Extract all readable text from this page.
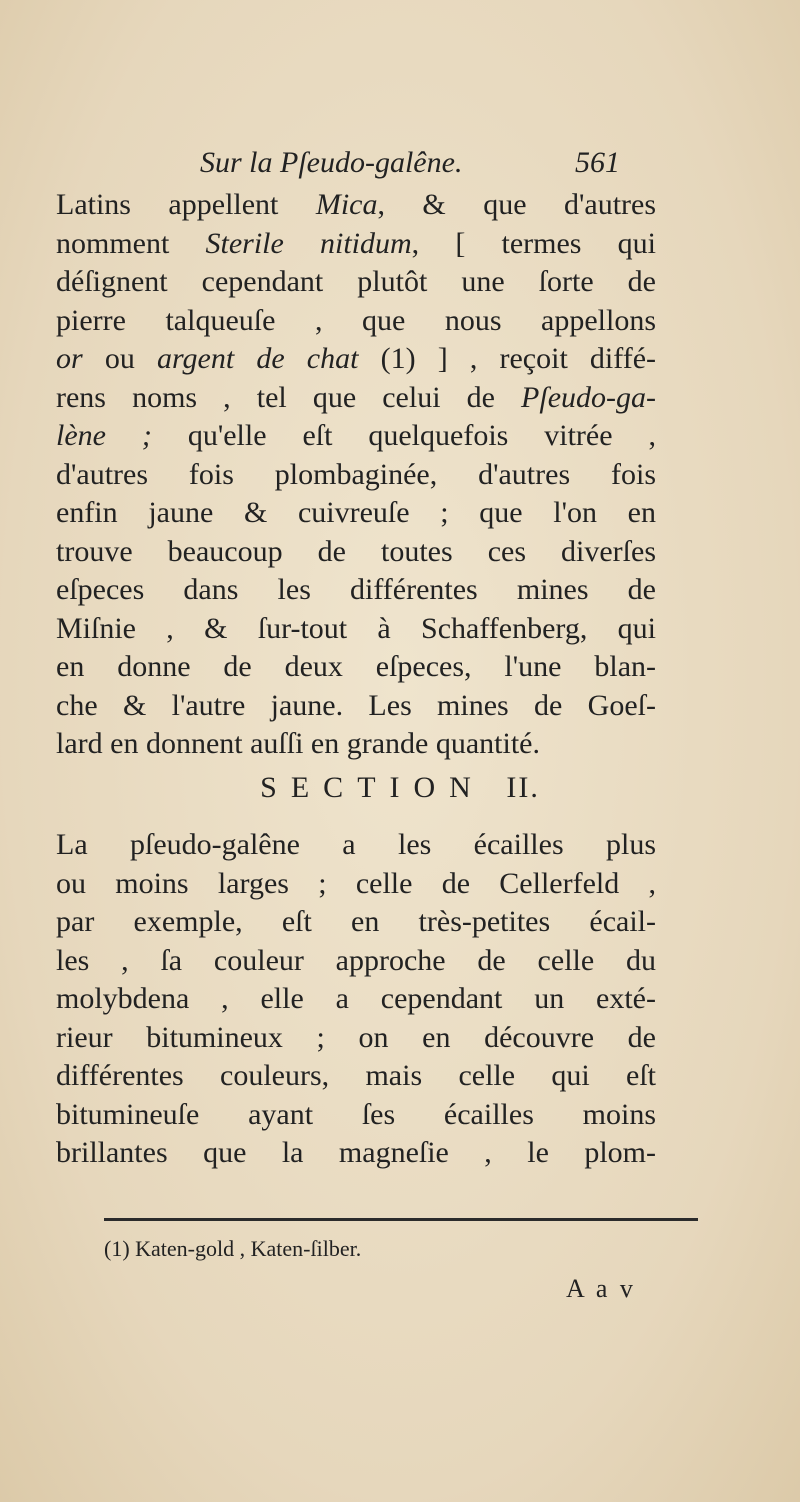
Sur la Pſeudo-galêne.	561
Latins appellent Mica, & que d'autres
nomment Sterile nitidum, [ termes qui
déſignent cependant plutôt une ſorte de
pierre talqueuſe , que nous appellons
or ou argent de chat (1) ] , reçoit diffé-
rens noms , tel que celui de Pſeudo-ga-
lène ; qu'elle eſt quelquefois vitrée ,
d'autres fois plombaginée, d'autres fois
enfin jaune & cuivreuſe ; que l'on en
trouve beaucoup de toutes ces diverſes
eſpeces dans les différentes mines de
Miſnie , & ſur-tout à Schaffenberg, qui
en donne de deux eſpeces, l'une blan-
che & l'autre jaune. Les mines de Goeſ-
lard en donnent auſſi en grande quantité.
SECTION II.
La pſeudo-galêne a les écailles plus
ou moins larges ; celle de Cellerfeld ,
par exemple, eſt en très-petites écail-
les , ſa couleur approche de celle du
molybdena , elle a cependant un exté-
rieur bitumineux ; on en découvre de
différentes couleurs, mais celle qui eſt
bitumineuſe ayant ſes écailles moins
brillantes que la magneſie , le plom-
(1) Katen-gold , Katen-ſilber.
A a v
